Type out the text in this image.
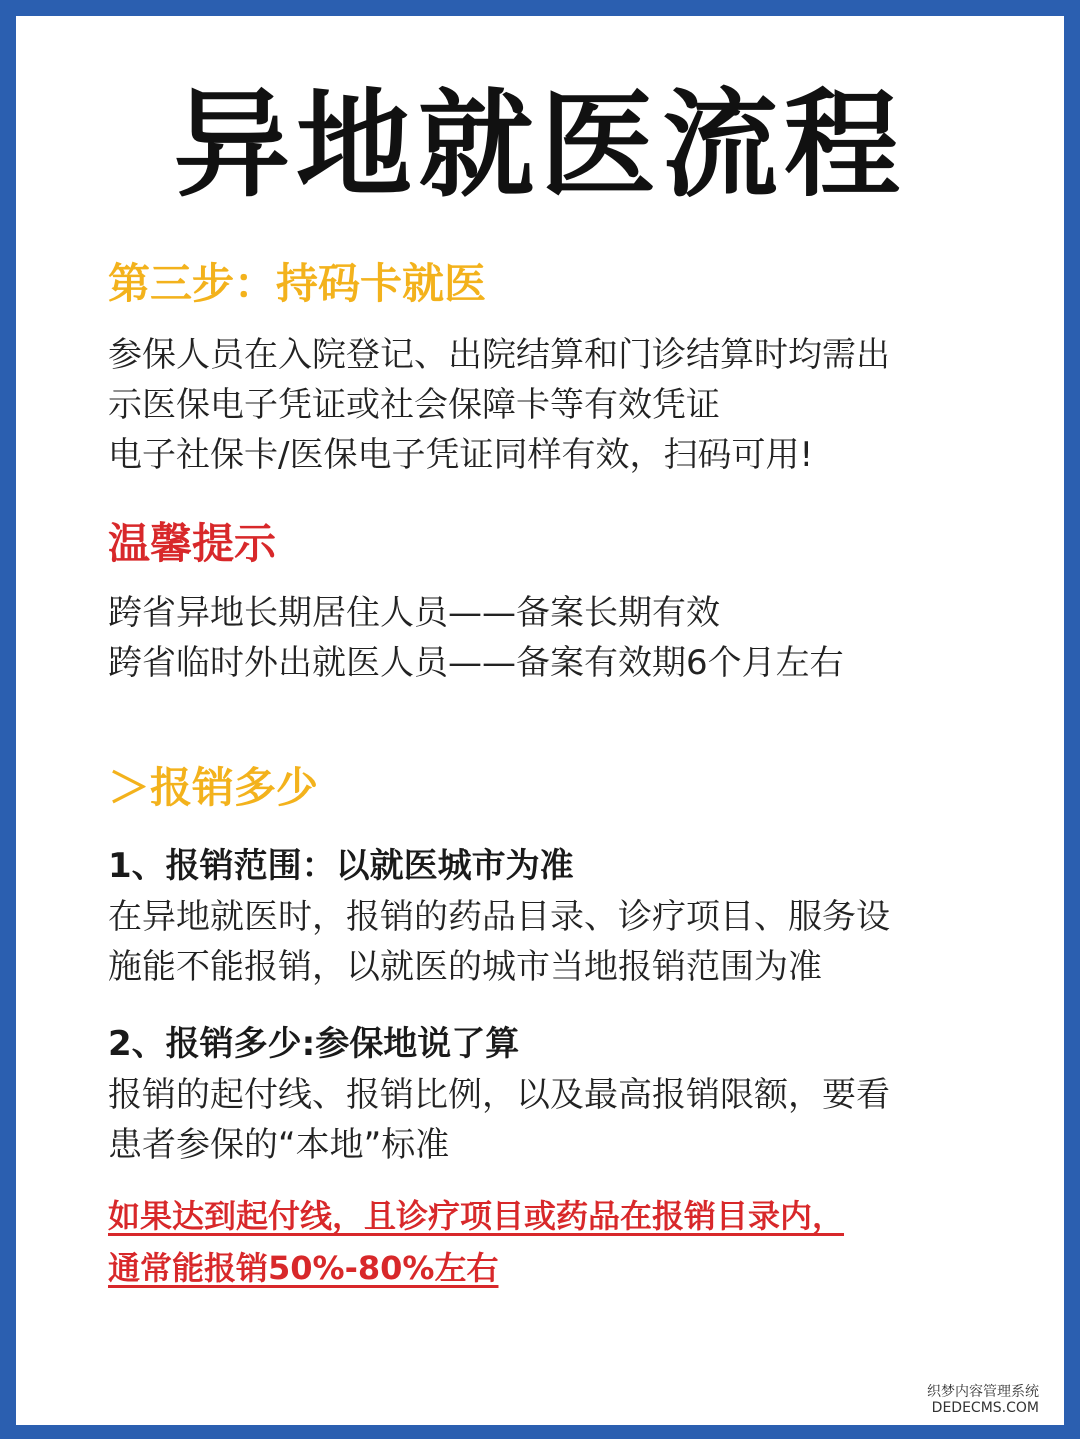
异地就医流程
第三步：持码卡就医
参保人员在入院登记、出院结算和门诊结算时均需出
示医保电子凭证或社会保障卡等有效凭证
电子社保卡/医保电子凭证同样有效，扫码可用!
温馨提示
跨省异地长期居住人员——备案长期有效
跨省临时外出就医人员——备案有效期6个月左右
＞报销多少
1、报销范围：以就医城市为准
在异地就医时，报销的药品目录、诊疗项目、服务设
施能不能报销，以就医的城市当地报销范围为准
2、报销多少:参保地说了算
报销的起付线、报销比例，以及最高报销限额，要看
患者参保的“本地”标准
如果达到起付线，且诊疗项目或药品在报销目录内，
通常能报销50%-80%左右
织梦内容管理系统
DEDECMS.COM
